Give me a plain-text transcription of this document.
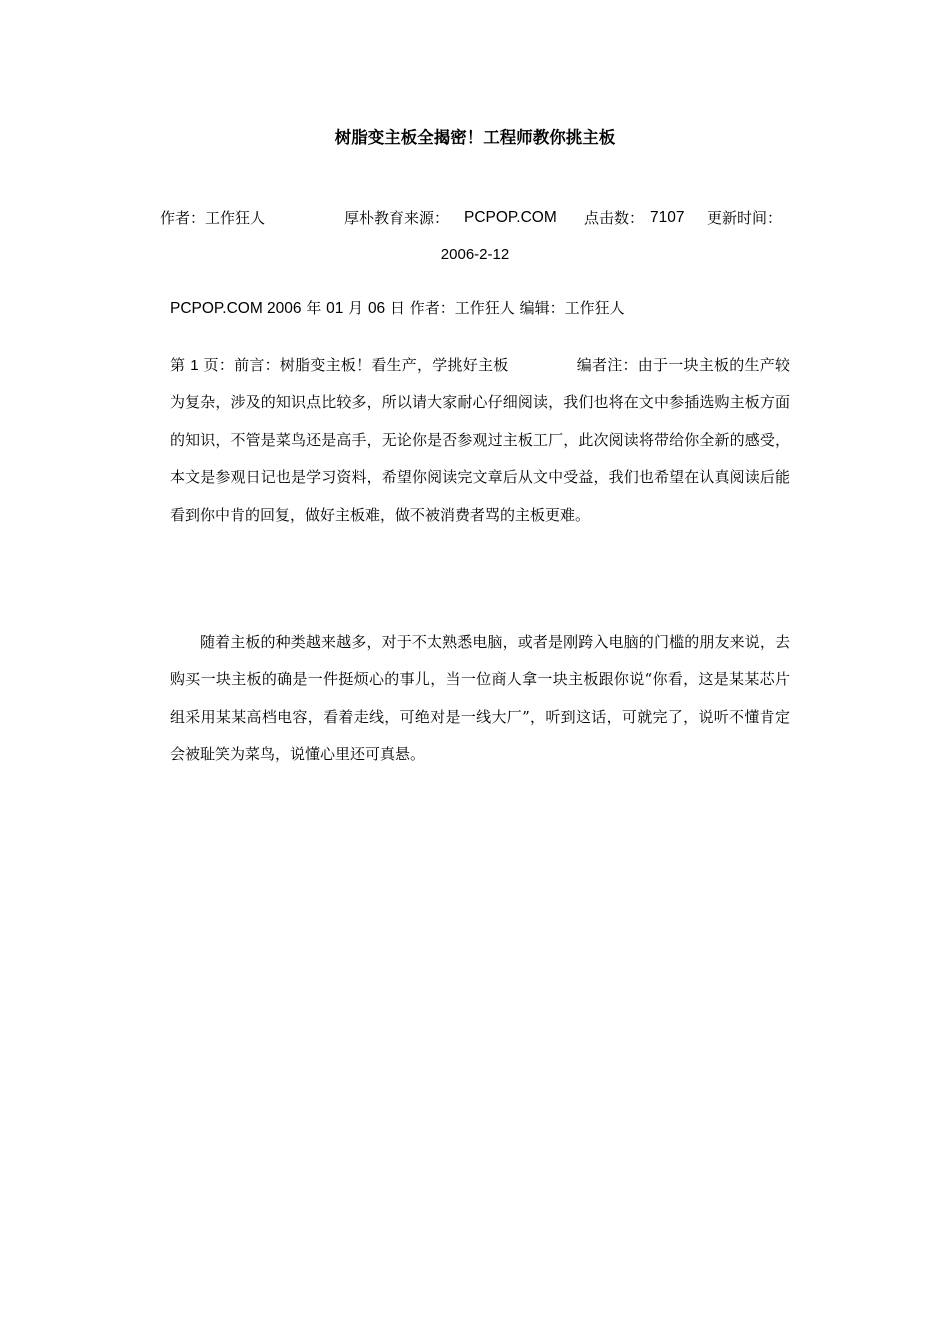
树脂变主板全揭密！工程师教你挑主板
作者：工作狂人	厚朴教育来源： PCPOP.COM 点击数： 7107 更新时间：
2006-2-12
PCPOP.COM 2006 年 01 月 06 日 作者：工作狂人 编辑：工作狂人
第 1 页：前言：树脂变主板！看生产，学挑好主板	编者注：由于一块主板的生产较为复杂，涉及的知识点比较多，所以请大家耐心仔细阅读，我们也将在文中参插选购主板方面的知识，不管是菜鸟还是高手，无论你是否参观过主板工厂，此次阅读将带给你全新的感受，本文是参观日记也是学习资料，希望你阅读完文章后从文中受益，我们也希望在认真阅读后能看到你中肯的回复，做好主板难，做不被消费者骂的主板更难。
随着主板的种类越来越多，对于不太熟悉电脑，或者是刚跨入电脑的门槛的朋友来说，去购买一块主板的确是一件挺烦心的事儿，当一位商人拿一块主板跟你说“你看，这是某某芯片组采用某某高档电容，看着走线，可绝对是一线大厂”，听到这话，可就完了，说听不懂肯定会被耻笑为菜鸟，说懂心里还可真悬。
